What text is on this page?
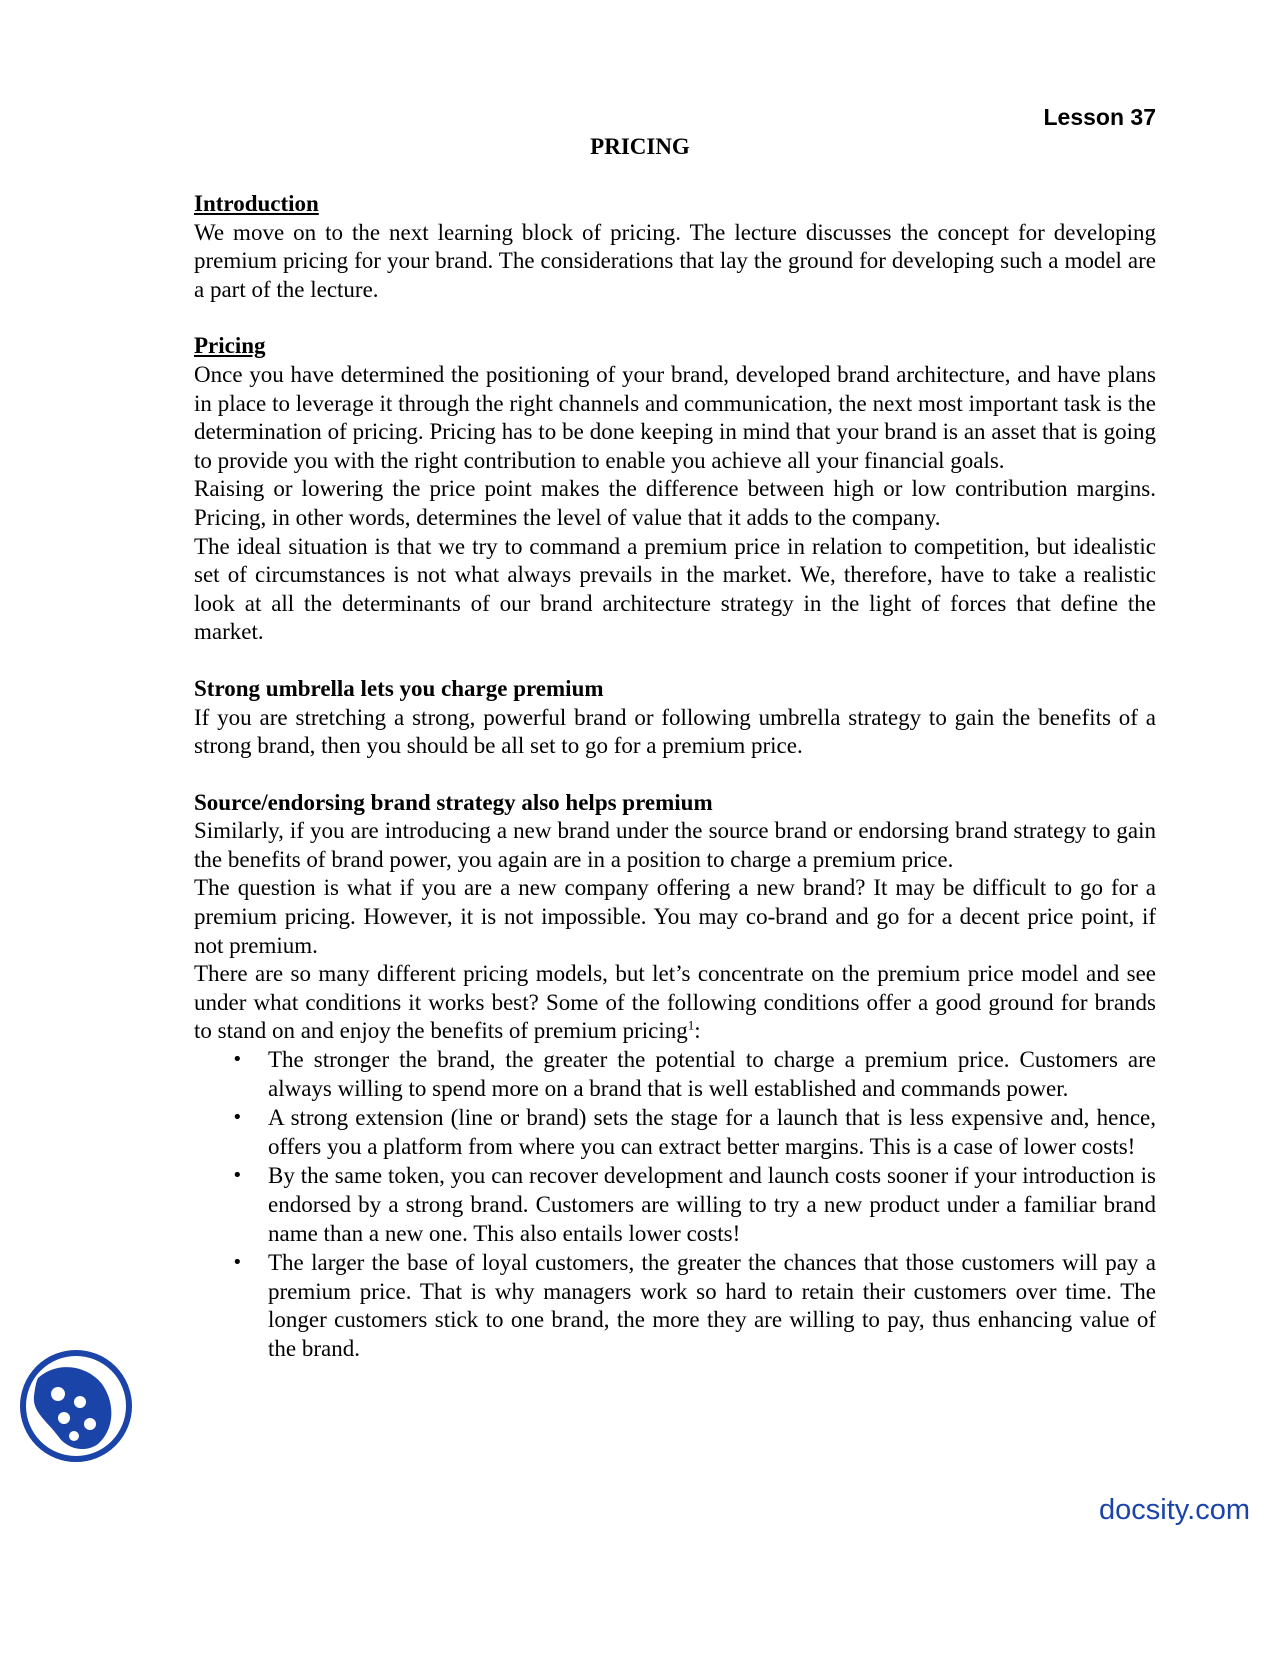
Lesson 37
PRICING

Introduction

We move on to the next learning block of pricing. The lecture discusses the concept for developing premium pricing for your brand. The considerations that lay the ground for developing such a model are a part of the lecture.

Pricing

Once you have determined the positioning of your brand, developed brand architecture, and have plans in place to leverage it through the right channels and communication, the next most important task is the determination of pricing. Pricing has to be done keeping in mind that your brand is an asset that is going to provide you with the right contribution to enable you achieve all your financial goals.

Raising or lowering the price point makes the difference between high or low contribution margins. Pricing, in other words, determines the level of value that it adds to the company.

The ideal situation is that we try to command a premium price in relation to competition, but idealistic set of circumstances is not what always prevails in the market. We, therefore, have to take a realistic look at all the determinants of our brand architecture strategy in the light of forces that define the market.

Strong umbrella lets you charge premium

If you are stretching a strong, powerful brand or following umbrella strategy to gain the benefits of a strong brand, then you should be all set to go for a premium price.

Source/endorsing brand strategy also helps premium

Similarly, if you are introducing a new brand under the source brand or endorsing brand strategy to gain the benefits of brand power, you again are in a position to charge a premium price.

The question is what if you are a new company offering a new brand? It may be difficult to go for a premium pricing. However, it is not impossible. You may co-brand and go for a decent price point, if not premium.

There are so many different pricing models, but let’s concentrate on the premium price model and see under what conditions it works best? Some of the following conditions offer a good ground for brands to stand on and enjoy the benefits of premium pricing$^1$:

• The stronger the brand, the greater the potential to charge a premium price. Customers are always willing to spend more on a brand that is well established and commands power.
• A strong extension (line or brand) sets the stage for a launch that is less expensive and, hence, offers you a platform from where you can extract better margins. This is a case of lower costs!
• By the same token, you can recover development and launch costs sooner if your introduction is endorsed by a strong brand. Customers are willing to try a new product under a familiar brand name than a new one. This also entails lower costs!
• The larger the base of loyal customers, the greater the chances that those customers will pay a premium price. That is why managers work so hard to retain their customers over time. The longer customers stick to one brand, the more they are willing to pay, thus enhancing value of the brand.
docsity.com
